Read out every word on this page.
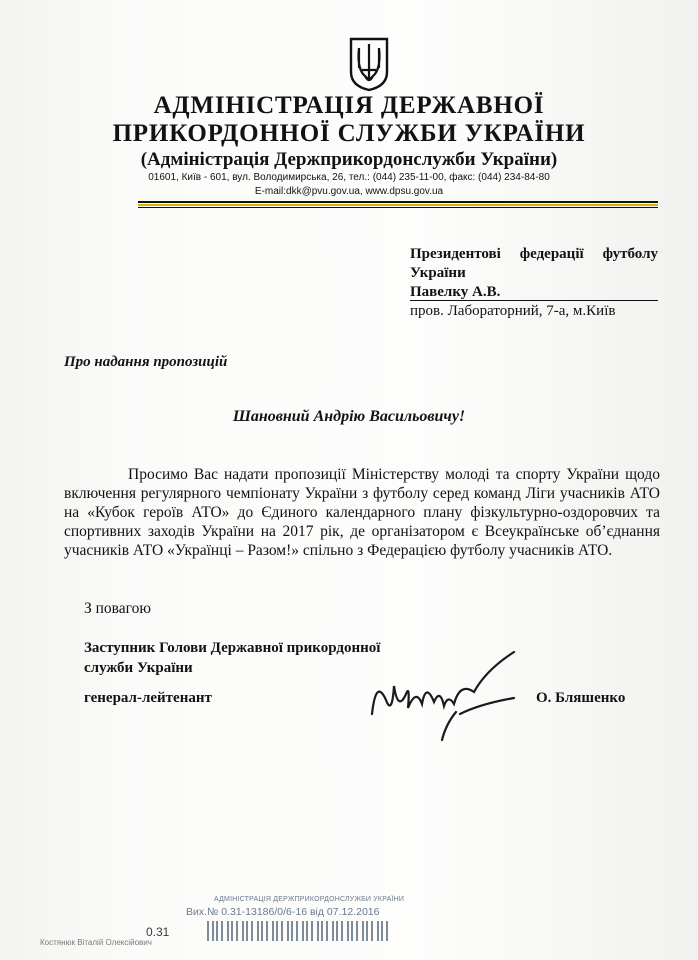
АДМІНІСТРАЦІЯ ДЕРЖАВНОЇ
ПРИКОРДОННОЇ СЛУЖБИ УКРАЇНИ
(Адміністрація Держприкордонслужби України)
01601, Київ - 601, вул. Володимирська, 26, тел.: (044) 235-11-00, факс: (044) 234-84-80
E-mail:dkk@pvu.gov.ua, www.dpsu.gov.ua
Президентові федерації футболу
України
Павелку А.В.
пров. Лабораторний, 7-а, м.Київ
Про надання пропозицій
Шановний Андрію Васильовичу!
Просимо Вас надати пропозиції Міністерству молоді та спорту України щодо включення регулярного чемпіонату України з футболу серед команд Ліги учасників АТО на «Кубок героїв АТО» до Єдиного календарного плану фізкультурно-оздоровчих та спортивних заходів України на 2017 рік, де організатором є Всеукраїнське об’єднання учасників АТО «Українці – Разом!» спільно з Федерацією футболу учасників АТО.
З повагою
Заступник Голови Державної прикордонної
служби України
генерал-лейтенант	О. Бляшенко
АДМІНІСТРАЦІЯ ДЕРЖПРИКОРДОНСЛУЖБИ УКРАЇНИ
Вих.№ 0.31-13186/0/6-16 від 07.12.2016
0.31
Костянюк Віталій Олексійович
